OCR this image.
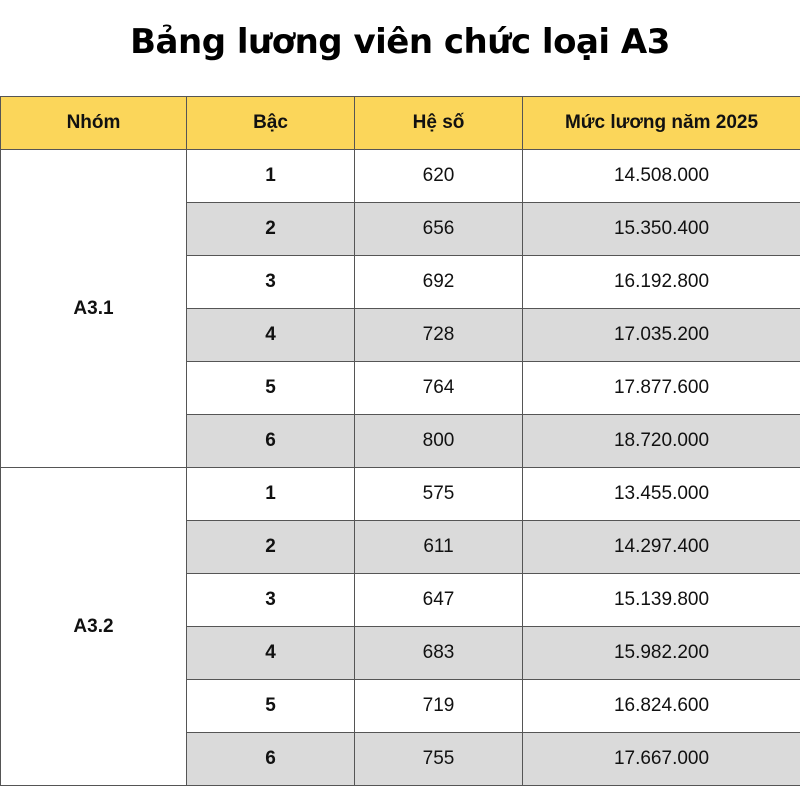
Bảng lương viên chức loại A3
Nhóm	Bậc	Hệ số	Mức lương năm 2025
A3.1	1	620	14.508.000
	2	656	15.350.400
	3	692	16.192.800
	4	728	17.035.200
	5	764	17.877.600
	6	800	18.720.000
A3.2	1	575	13.455.000
	2	611	14.297.400
	3	647	15.139.800
	4	683	15.982.200
	5	719	16.824.600
	6	755	17.667.000
